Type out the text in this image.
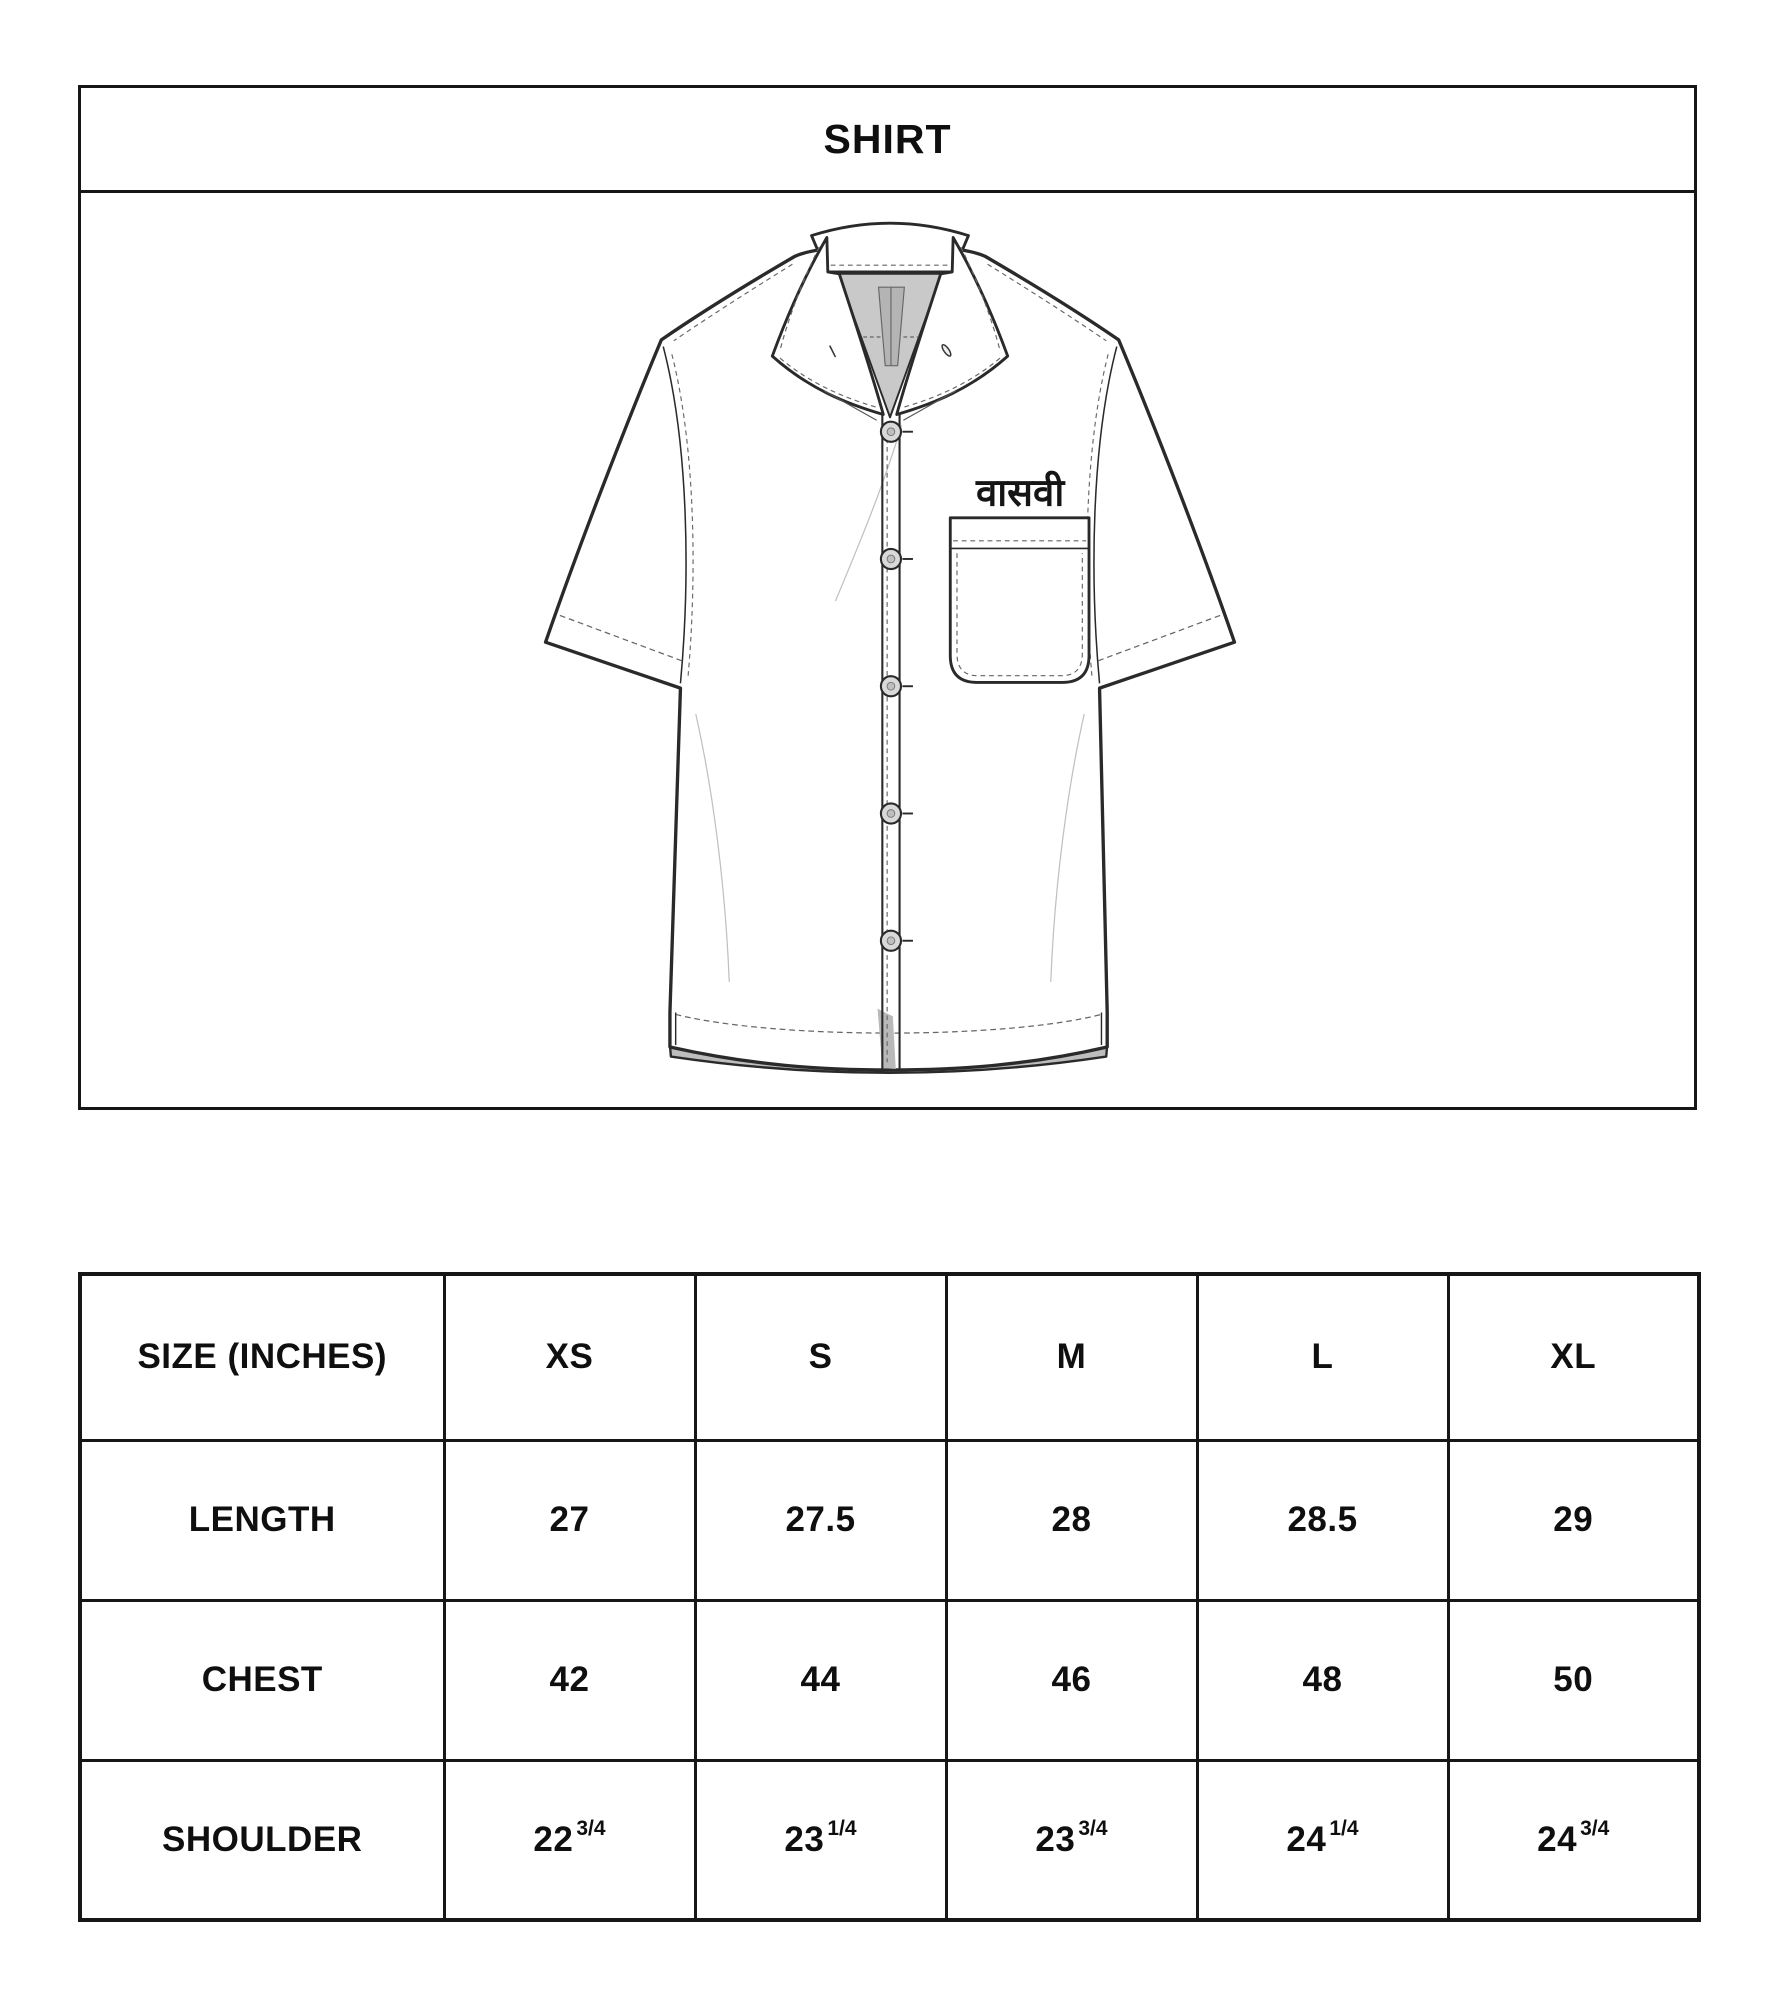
SHIRT
वासवी
SIZE (INCHES)	XS	S	M	L	XL
LENGTH	27	27.5	28	28.5	29
CHEST	42	44	46	48	50
SHOULDER	22 3/4	23 1/4	23 3/4	24 1/4	24 3/4
